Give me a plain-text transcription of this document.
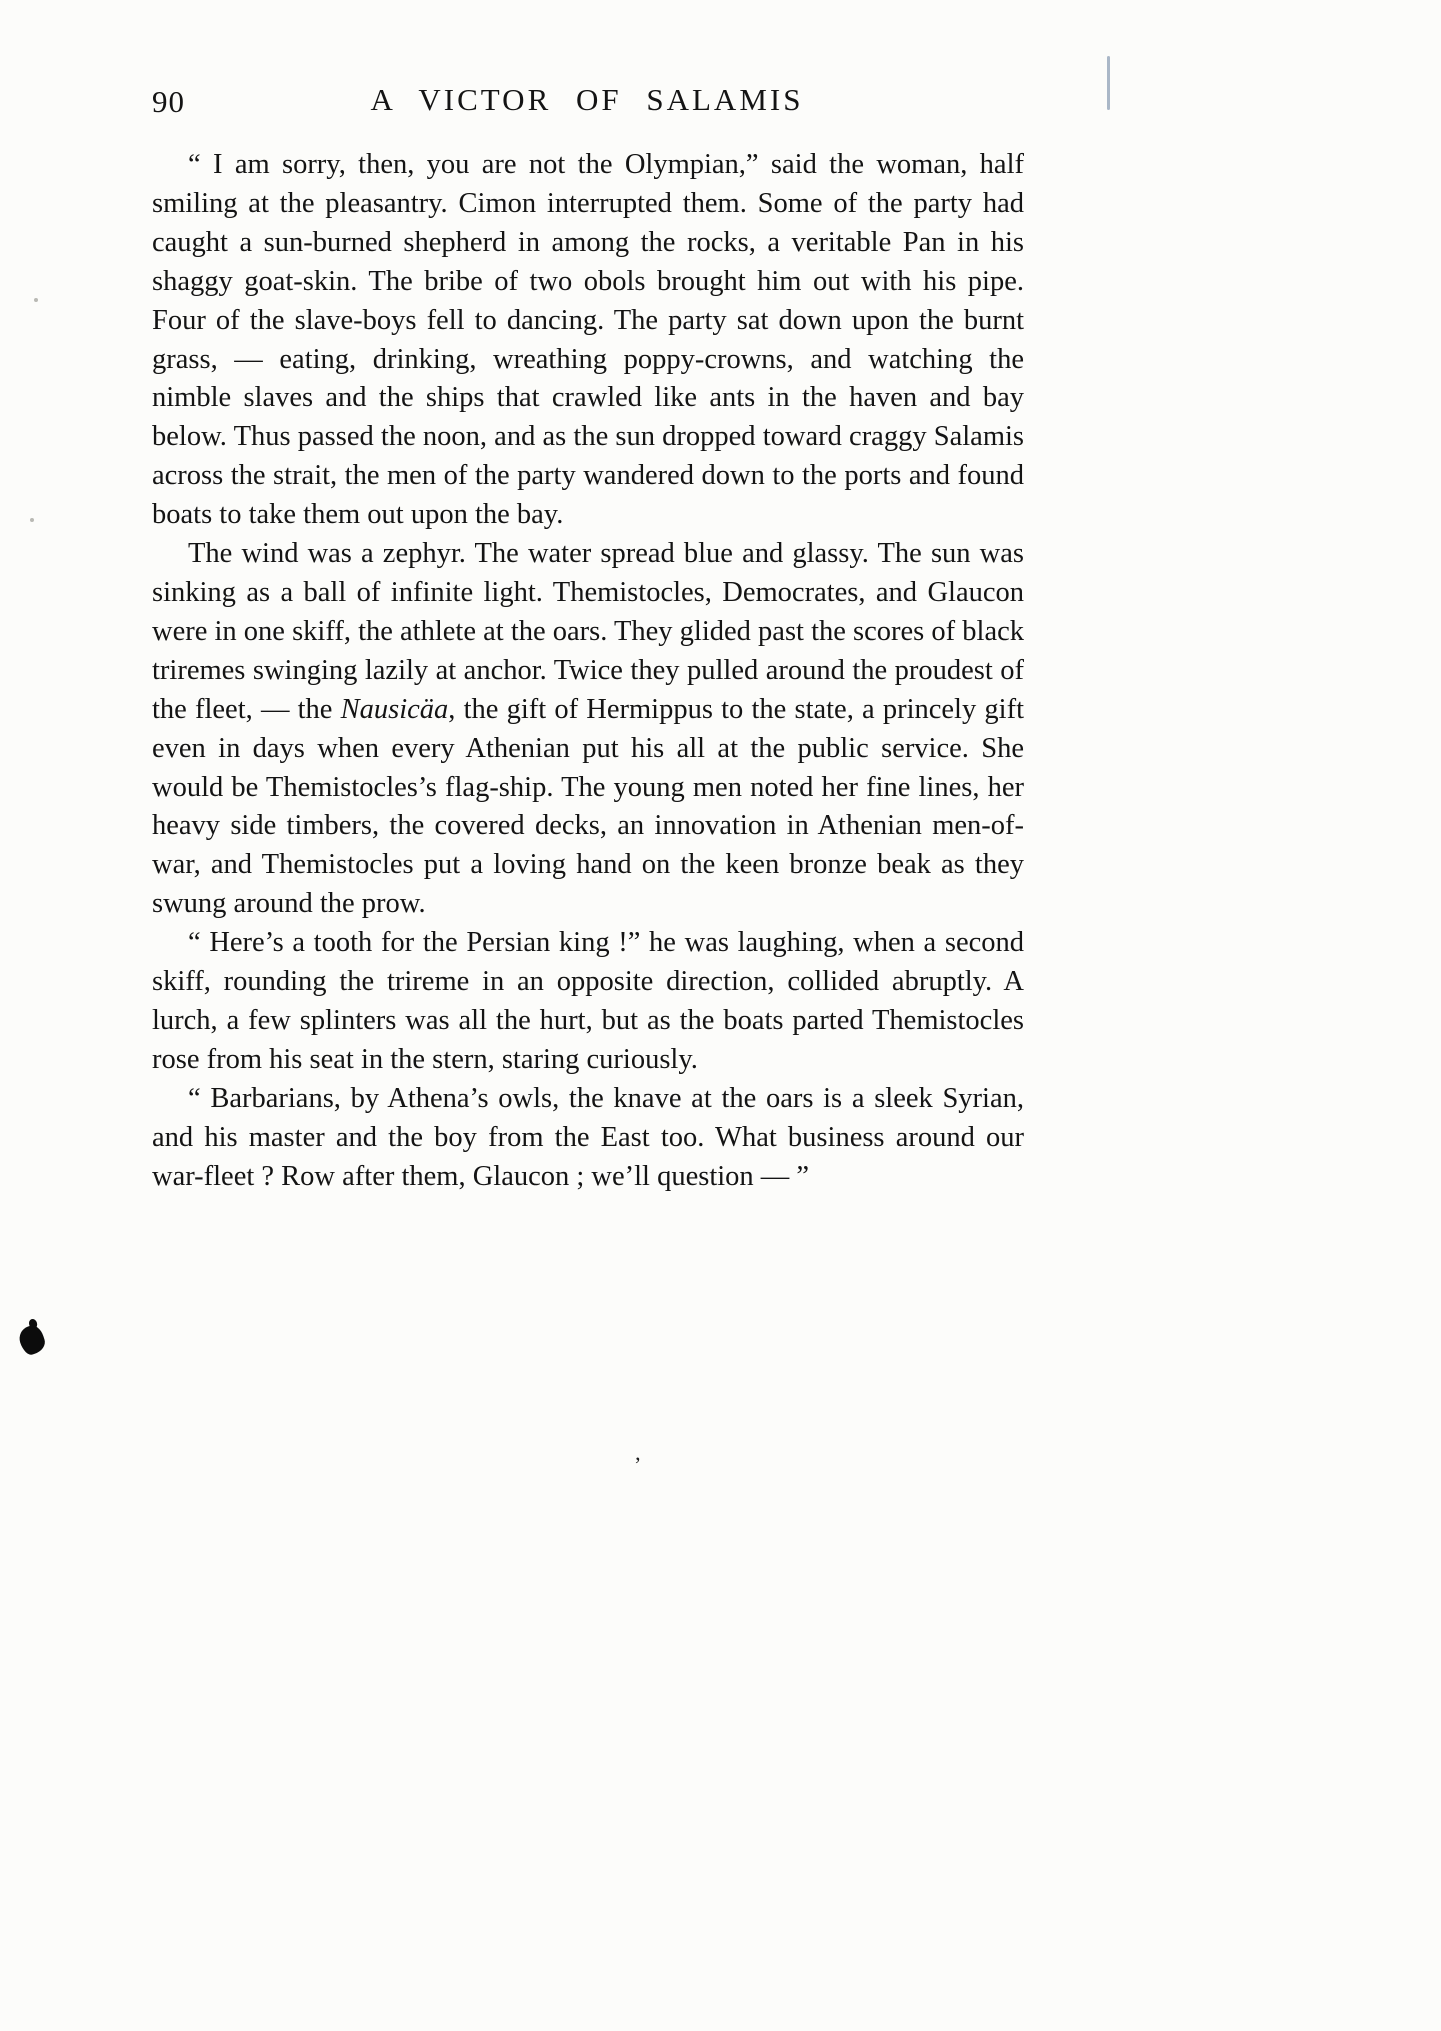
90	A VICTOR OF SALAMIS

“ I am sorry, then, you are not the Olympian,” said the woman, half smiling at the pleasantry. Cimon interrupted them. Some of the party had caught a sun-burned shepherd in among the rocks, a veritable Pan in his shaggy goat-skin. The bribe of two obols brought him out with his pipe. Four of the slave-boys fell to dancing. The party sat down upon the burnt grass, — eating, drinking, wreathing poppy-crowns, and watching the nimble slaves and the ships that crawled like ants in the haven and bay below. Thus passed the noon, and as the sun dropped toward craggy Salamis across the strait, the men of the party wandered down to the ports and found boats to take them out upon the bay.

The wind was a zephyr. The water spread blue and glassy. The sun was sinking as a ball of infinite light. Themistocles, Democrates, and Glaucon were in one skiff, the athlete at the oars. They glided past the scores of black triremes swinging lazily at anchor. Twice they pulled around the proudest of the fleet, — the Nausicäa, the gift of Hermippus to the state, a princely gift even in days when every Athenian put his all at the public service. She would be Themistocles’s flag-ship. The young men noted her fine lines, her heavy side timbers, the covered decks, an innovation in Athenian men-of-war, and Themistocles put a loving hand on the keen bronze beak as they swung around the prow.

“ Here’s a tooth for the Persian king !” he was laughing, when a second skiff, rounding the trireme in an opposite direction, collided abruptly. A lurch, a few splinters was all the hurt, but as the boats parted Themistocles rose from his seat in the stern, staring curiously.

“ Barbarians, by Athena’s owls, the knave at the oars is a sleek Syrian, and his master and the boy from the East too. What business around our war-fleet ? Row after them, Glaucon ; we’ll question — ”

’
